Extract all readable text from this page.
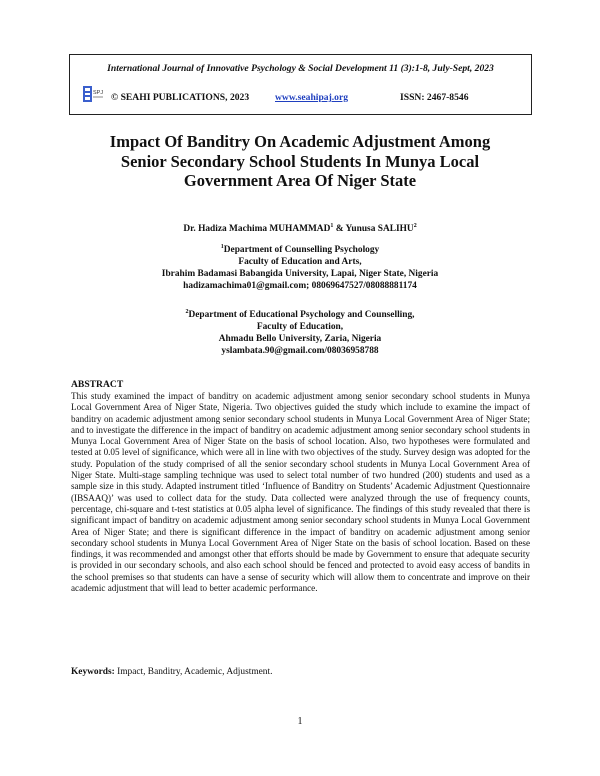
International Journal of Innovative Psychology & Social Development 11 (3):1-8, July-Sept, 2023
SPJ © SEAHI PUBLICATIONS, 2023	www.seahipaj.org	ISSN: 2467-8546
Impact Of Banditry On Academic Adjustment Among
Senior Secondary School Students In Munya Local
Government Area Of Niger State
Dr. Hadiza Machima MUHAMMAD$^1$ & Yunusa SALIHU$^2$
$^1$Department of Counselling Psychology
Faculty of Education and Arts,
Ibrahim Badamasi Babangida University, Lapai, Niger State, Nigeria
hadizamachima01@gmail.com; 08069647527/08088881174
$^2$Department of Educational Psychology and Counselling,
Faculty of Education,
Ahmadu Bello University, Zaria, Nigeria
yslambata.90@gmail.com/08036958788
ABSTRACT
This study examined the impact of banditry on academic adjustment among senior secondary school students in Munya Local Government Area of Niger State, Nigeria. Two objectives guided the study which include to examine the impact of banditry on academic adjustment among senior secondary school students in Munya Local Government Area of Niger State; and to investigate the difference in the impact of banditry on academic adjustment among senior secondary school students in Munya Local Government Area of Niger State on the basis of school location. Also, two hypotheses were formulated and tested at 0.05 level of significance, which were all in line with two objectives of the study. Survey design was adopted for the study. Population of the study comprised of all the senior secondary school students in Munya Local Government Area of Niger State. Multi-stage sampling technique was used to select total number of two hundred (200) students and used as a sample size in this study. Adapted instrument titled ‘Influence of Banditry on Students’ Academic Adjustment Questionnaire (IBSAAQ)’ was used to collect data for the study. Data collected were analyzed through the use of frequency counts, percentage, chi-square and t-test statistics at 0.05 alpha level of significance. The findings of this study revealed that there is significant impact of banditry on academic adjustment among senior secondary school students in Munya Local Government Area of Niger State; and there is significant difference in the impact of banditry on academic adjustment among senior secondary school students in Munya Local Government Area of Niger State on the basis of school location. Based on these findings, it was recommended and amongst other that efforts should be made by Government to ensure that adequate security is provided in our secondary schools, and also each school should be fenced and protected to avoid easy access of bandits in the school premises so that students can have a sense of security which will allow them to concentrate and improve on their academic adjustment that will lead to better academic performance.
Keywords: Impact, Banditry, Academic, Adjustment.
1
